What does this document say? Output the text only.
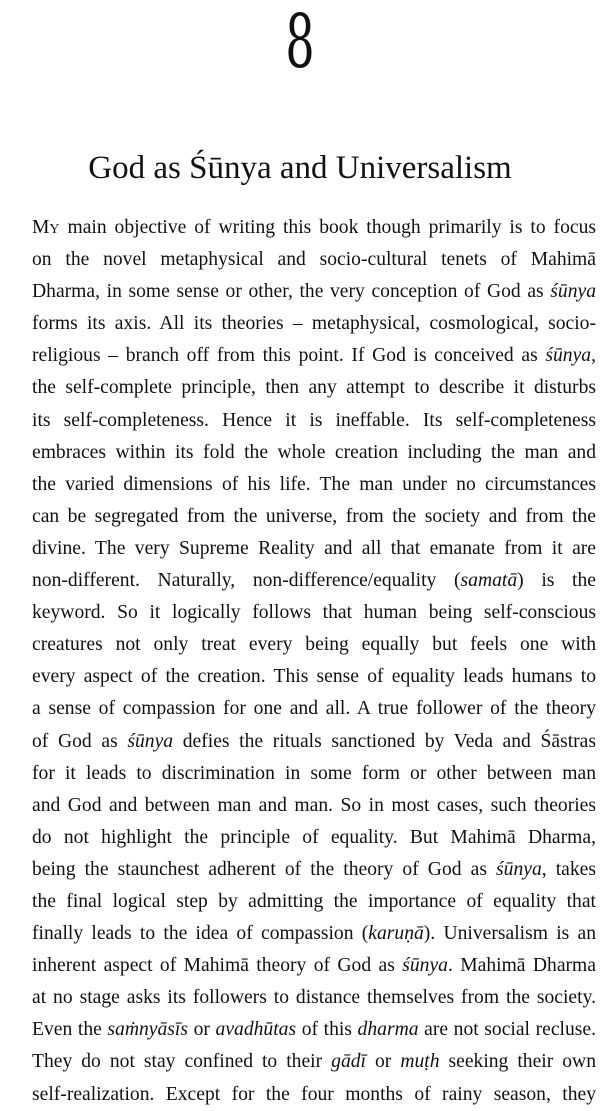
8
God as Śūnya and Universalism
My main objective of writing this book though primarily is to focus
on the novel metaphysical and socio-cultural tenets of Mahimā
Dharma, in some sense or other, the very conception of God as śūnya
forms its axis. All its theories – metaphysical, cosmological, socio-
religious – branch off from this point. If God is conceived as śūnya,
the self-complete principle, then any attempt to describe it disturbs
its self-completeness. Hence it is ineffable. Its self-completeness
embraces within its fold the whole creation including the man and
the varied dimensions of his life. The man under no circumstances
can be segregated from the universe, from the society and from the
divine. The very Supreme Reality and all that emanate from it are
non-different. Naturally, non-difference/equality (samatā) is the
keyword. So it logically follows that human being self-conscious
creatures not only treat every being equally but feels one with
every aspect of the creation. This sense of equality leads humans to
a sense of compassion for one and all. A true follower of the theory
of God as śūnya defies the rituals sanctioned by Veda and Śāstras
for it leads to discrimination in some form or other between man
and God and between man and man. So in most cases, such theories
do not highlight the principle of equality. But Mahimā Dharma,
being the staunchest adherent of the theory of God as śūnya, takes
the final logical step by admitting the importance of equality that
finally leads to the idea of compassion (karuṇā). Universalism is an
inherent aspect of Mahimā theory of God as śūnya. Mahimā Dharma
at no stage asks its followers to distance themselves from the society.
Even the saṁnyāsīs or avadhūtas of this dharma are not social recluse.
They do not stay confined to their gādī or muṭh seeking their own
self-realization. Except for the four months of rainy season, they
